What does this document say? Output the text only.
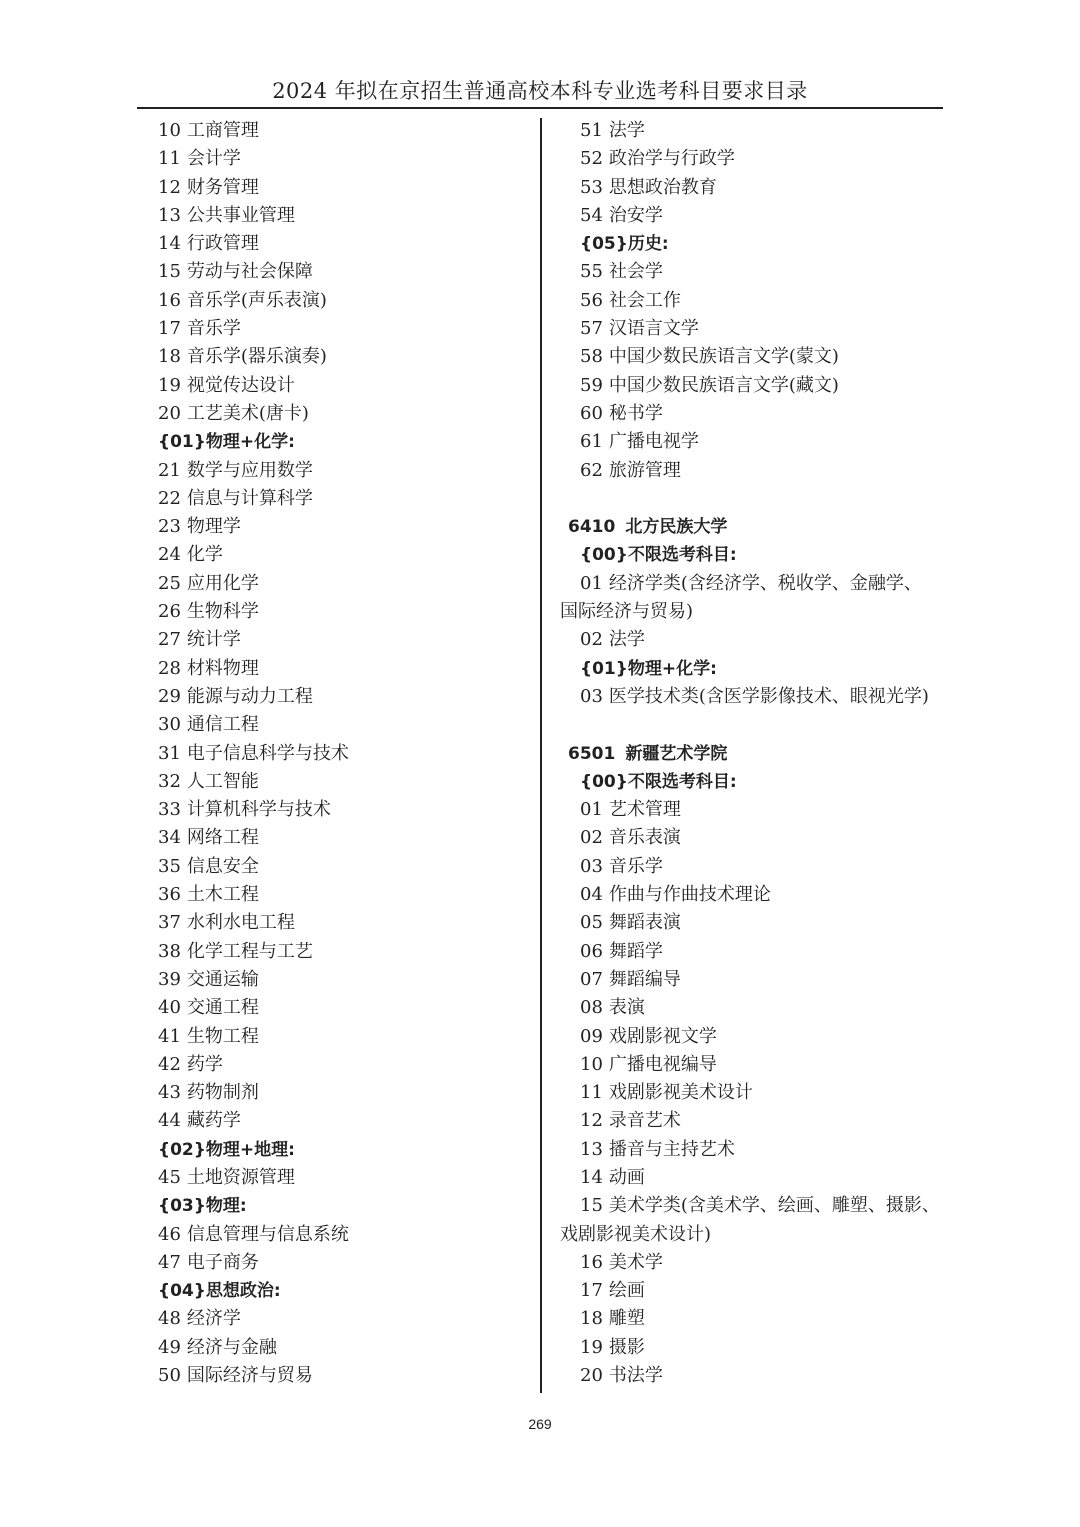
2024 年拟在京招生普通高校本科专业选考科目要求目录
10 工商管理
11 会计学
12 财务管理
13 公共事业管理
14 行政管理
15 劳动与社会保障
16 音乐学(声乐表演)
17 音乐学
18 音乐学(器乐演奏)
19 视觉传达设计
20 工艺美术(唐卡)
{01}物理+化学:
21 数学与应用数学
22 信息与计算科学
23 物理学
24 化学
25 应用化学
26 生物科学
27 统计学
28 材料物理
29 能源与动力工程
30 通信工程
31 电子信息科学与技术
32 人工智能
33 计算机科学与技术
34 网络工程
35 信息安全
36 土木工程
37 水利水电工程
38 化学工程与工艺
39 交通运输
40 交通工程
41 生物工程
42 药学
43 药物制剂
44 藏药学
{02}物理+地理:
45 土地资源管理
{03}物理:
46 信息管理与信息系统
47 电子商务
{04}思想政治:
48 经济学
49 经济与金融
50 国际经济与贸易
51 法学
52 政治学与行政学
53 思想政治教育
54 治安学
{05}历史:
55 社会学
56 社会工作
57 汉语言文学
58 中国少数民族语言文学(蒙文)
59 中国少数民族语言文学(藏文)
60 秘书学
61 广播电视学
62 旅游管理
6410 北方民族大学
{00}不限选考科目:
01 经济学类(含经济学、税收学、金融学、
国际经济与贸易)
02 法学
{01}物理+化学:
03 医学技术类(含医学影像技术、眼视光学)
6501 新疆艺术学院
{00}不限选考科目:
01 艺术管理
02 音乐表演
03 音乐学
04 作曲与作曲技术理论
05 舞蹈表演
06 舞蹈学
07 舞蹈编导
08 表演
09 戏剧影视文学
10 广播电视编导
11 戏剧影视美术设计
12 录音艺术
13 播音与主持艺术
14 动画
15 美术学类(含美术学、绘画、雕塑、摄影、
戏剧影视美术设计)
16 美术学
17 绘画
18 雕塑
19 摄影
20 书法学
269
